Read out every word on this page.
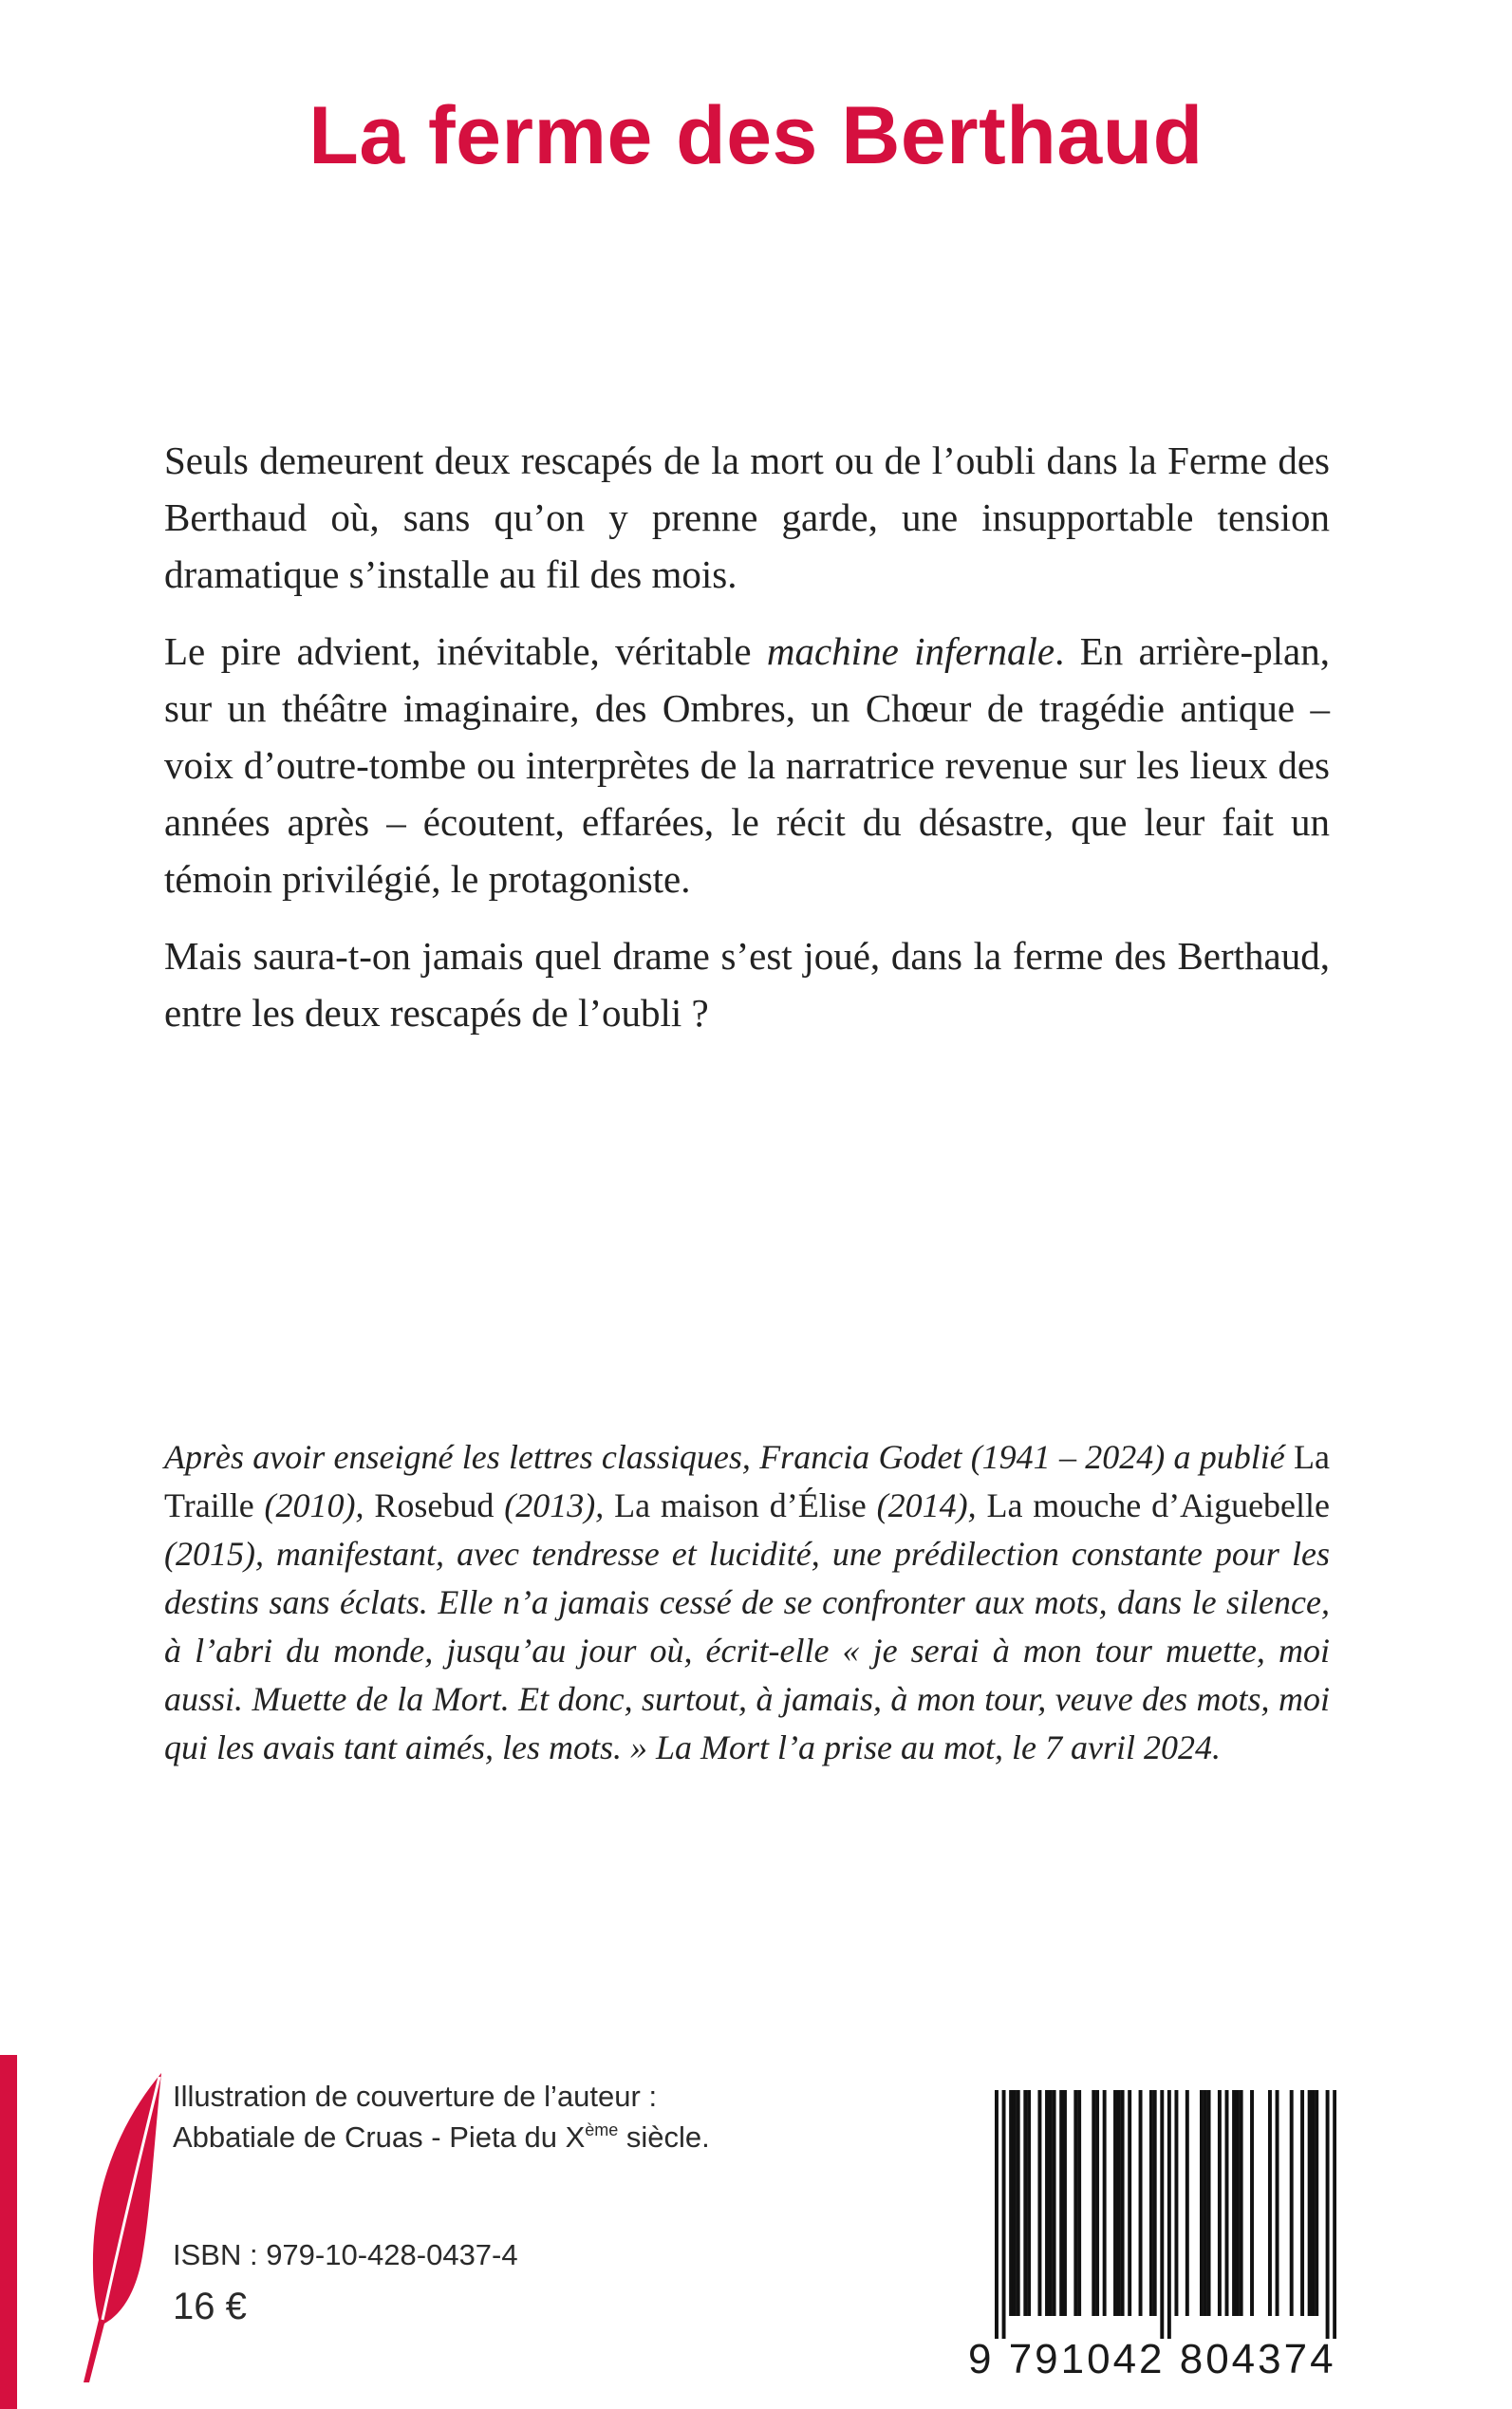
La ferme des Berthaud

Seuls demeurent deux rescapés de la mort ou de l’oubli dans la Ferme des Berthaud où, sans qu’on y prenne garde, une insupportable tension dramatique s’installe au fil des mois.

Le pire advient, inévitable, véritable machine infernale. En arrière-plan, sur un théâtre imaginaire, des Ombres, un Chœur de tragédie antique – voix d’outre-tombe ou interprètes de la narratrice revenue sur les lieux des années après – écoutent, effarées, le récit du désastre, que leur fait un témoin privilégié, le protagoniste.

Mais saura-t-on jamais quel drame s’est joué, dans la ferme des Berthaud, entre les deux rescapés de l’oubli ?

Après avoir enseigné les lettres classiques, Francia Godet (1941 – 2024) a publié La Traille (2010), Rosebud (2013), La maison d’Élise (2014), La mouche d’Aiguebelle (2015), manifestant, avec tendresse et lucidité, une prédilection constante pour les destins sans éclats. Elle n’a jamais cessé de se confronter aux mots, dans le silence, à l’abri du monde, jusqu’au jour où, écrit-elle « je serai à mon tour muette, moi aussi. Muette de la Mort. Et donc, surtout, à jamais, à mon tour, veuve des mots, moi qui les avais tant aimés, les mots. » La Mort l’a prise au mot, le 7 avril 2024.

Illustration de couverture de l’auteur :
Abbatiale de Cruas - Pieta du Xème siècle.
ISBN : 979-10-428-0437-4
16 €
9 791042 804374
